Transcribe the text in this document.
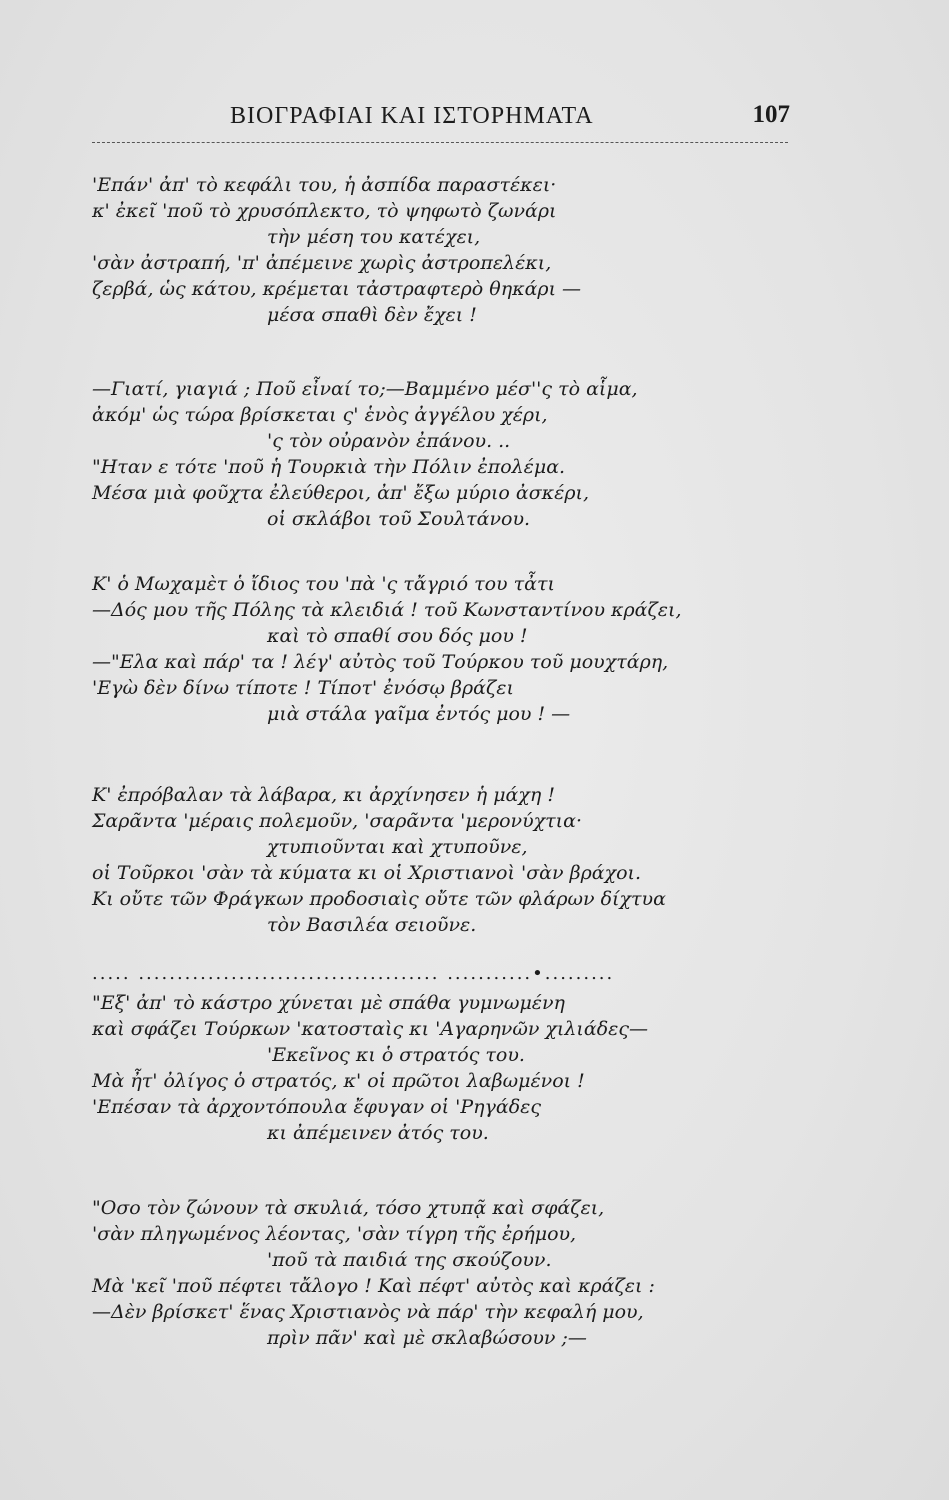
ΒΙΟΓΡΑΦΙΑΙ ΚΑΙ ΙΣΤΟΡΗΜΑΤΑ	107
'Επάν' ἀπ' τὸ κεφάλι του, ἡ ἀσπίδα παραστέκει·
κ' ἐκεῖ 'ποῦ τὸ χρυσόπλεκτο, τὸ ψηφωτὸ ζωνάρι
τὴν μέση του κατέχει,
'σὰν ἀστραπή, 'π' ἀπέμεινε χωρὶς ἀστροπελέκι,
ζερβά, ὡς κάτου, κρέμεται τἀστραφτερὸ θηκάρι —
μέσα σπαθὶ δὲν ἔχει !
—Γιατί, γιαγιά ; Ποῦ εἶναί το;—Βαμμένο μέσ''ς τὸ αἷμα,
ἀκόμ' ὡς τώρα βρίσκεται ς' ἑνὸς ἀγγέλου χέρι,
'ς τὸν οὐρανὸν ἐπάνου. ..
"Ηταν ε τότε 'ποῦ ἡ Τουρκιὰ τὴν Πόλιν ἐπολέμα.
Μέσα μιὰ φοῦχτα ἐλεύθεροι, ἀπ' ἔξω μύριο ἀσκέρι,
οἱ σκλάβοι τοῦ Σουλτάνου.
Κ' ὁ Μωχαμὲτ ὁ ἴδιος του 'πὰ 'ς τἄγριό του τἆτι
—Δός μου τῆς Πόλης τὰ κλειδιά ! τοῦ Κωνσταντίνου κράζει,
καὶ τὸ σπαθί σου δός μου !
—"Ελα καὶ πάρ' τα ! λέγ' αὐτὸς τοῦ Τούρκου τοῦ μουχτάρη,
'Εγὼ δὲν δίνω τίποτε ! Τίποτ' ἐνόσῳ βράζει
μιὰ στάλα γαῖμα ἐντός μου ! —
Κ' ἐπρόβαλαν τὰ λάβαρα, κι ἀρχίνησεν ἡ μάχη !
Σαρᾶντα 'μέραις πολεμοῦν, 'σαρᾶντα 'μερονύχτια·
χτυπιοῦνται καὶ χτυποῦνε,
οἱ Τοῦρκοι 'σὰν τὰ κύματα κι οἱ Χριστιανοὶ 'σὰν βράχοι.
Κι οὔτε τῶν Φράγκων προδοσιαὶς οὔτε τῶν φλάρων δίχτυα
τὸν Βασιλέα σειοῦνε.
..... ....................................... ...........•.........
"Εξ' ἀπ' τὸ κάστρο χύνεται μὲ σπάθα γυμνωμένη
καὶ σφάζει Τούρκων 'κατοσταὶς κι 'Αγαρηνῶν χιλιάδες—
'Εκεῖνος κι ὁ στρατός του.
Μὰ ἦτ' ὀλίγος ὁ στρατός, κ' οἱ πρῶτοι λαβωμένοι !
'Επέσαν τὰ ἀρχοντόπουλα ἔφυγαν οἱ 'Ρηγάδες
κι ἀπέμεινεν ἀτός του.
"Οσο τὸν ζώνουν τὰ σκυλιά, τόσο χτυπᾷ καὶ σφάζει,
'σὰν πληγωμένος λέοντας, 'σὰν τίγρη τῆς ἐρήμου,
'ποῦ τὰ παιδιά της σκούζουν.
Μὰ 'κεῖ 'ποῦ πέφτει τἄλογο ! Καὶ πέφτ' αὐτὸς καὶ κράζει :
—Δὲν βρίσκετ' ἕνας Χριστιανὸς νὰ πάρ' τὴν κεφαλή μου,
πρὶν πᾶν' καὶ μὲ σκλαβώσουν ;—
